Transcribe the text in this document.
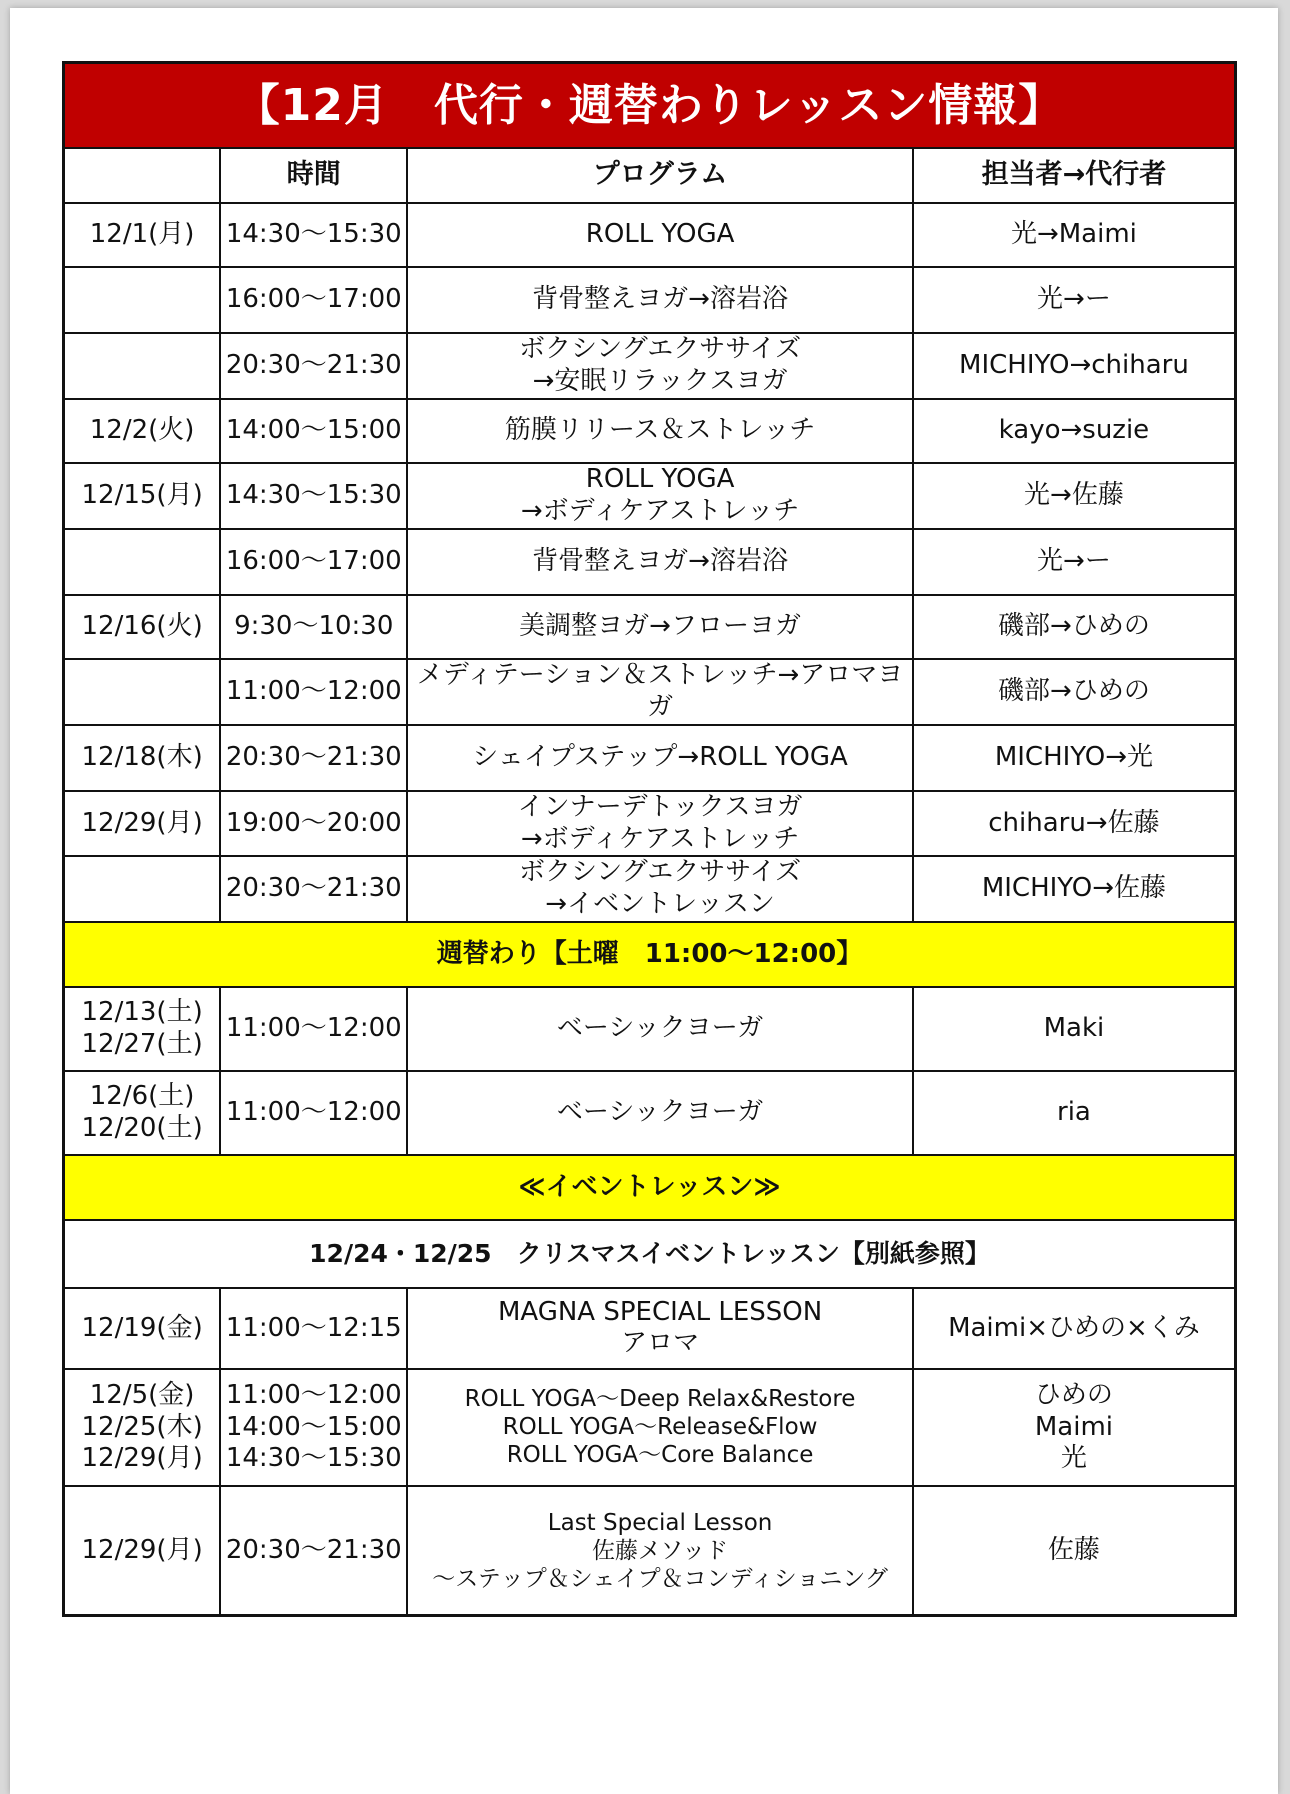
【12月　代行・週替わりレッスン情報】			
	時間	プログラム	担当者→代行者

12/1(月)	14:30〜15:30	ROLL YOGA	光→Maimi

	16:00〜17:00	背骨整えヨガ→溶岩浴	光→ー

	20:30〜21:30	ボクシングエクササイズ
→安眠リラックスヨガ	MICHIYO→chiharu

12/2(火)	14:00〜15:00	筋膜リリース＆ストレッチ	kayo→suzie

12/15(月)	14:30〜15:30	ROLL YOGA
→ボディケアストレッチ	光→佐藤

	16:00〜17:00	背骨整えヨガ→溶岩浴	光→ー

12/16(火)	9:30〜10:30	美調整ヨガ→フローヨガ	磯部→ひめの

	11:00〜12:00	メディテーション＆ストレッチ→アロマヨガ	磯部→ひめの

12/18(木)	20:30〜21:30	シェイプステップ→ROLL YOGA	MICHIYO→光

12/29(月)	19:00〜20:00	インナーデトックスヨガ
→ボディケアストレッチ	chiharu→佐藤

	20:30〜21:30	ボクシングエクササイズ
→イベントレッスン	MICHIYO→佐藤

週替わり【土曜　11:00〜12:00】			

12/13(土)
12/27(土)	11:00〜12:00	ベーシックヨーガ	Maki

12/6(土)
12/20(土)	11:00〜12:00	ベーシックヨーガ	ria

≪イベントレッスン≫			
12/24・12/25　クリスマスイベントレッスン【別紙参照】			

12/19(金)	11:00〜12:15	MAGNA SPECIAL LESSON
アロマ	Maimi×ひめの×くみ

12/5(金)
12/25(木)
12/29(月)	11:00〜12:00
14:00〜15:00
14:30〜15:30	ROLL YOGA〜Deep Relax&Restore
ROLL YOGA〜Release&Flow
ROLL YOGA〜Core Balance	ひめの
Maimi
光

12/29(月)	20:30〜21:30	Last Special Lesson
佐藤メソッド
〜ステップ＆シェイプ＆コンディショニング	佐藤
